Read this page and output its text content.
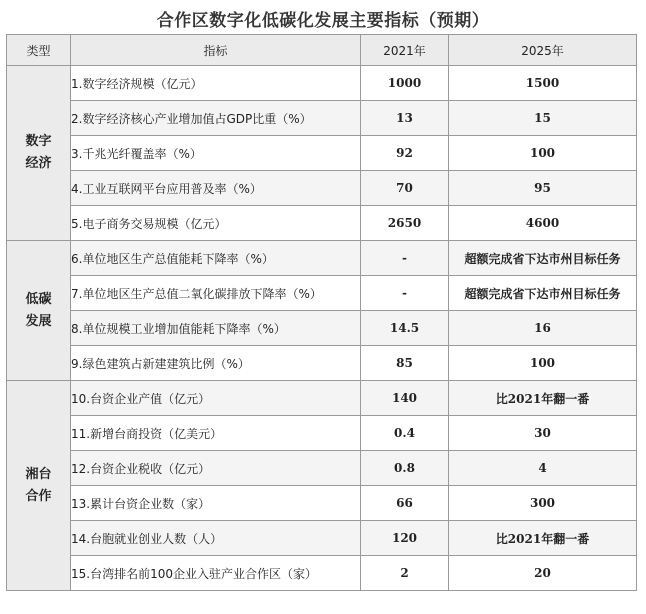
合作区数字化低碳化发展主要指标（预期）
类型	指标	2021年	2025年
数字
经济	1.数字经济规模（亿元）	1000	1500
	2.数字经济核心产业增加值占GDP比重（%）	13	15
	3.千兆光纤覆盖率（%）	92	100
	4.工业互联网平台应用普及率（%）	70	95
	5.电子商务交易规模（亿元）	2650	4600
低碳
发展	6.单位地区生产总值能耗下降率（%）	-	超额完成省下达市州目标任务
	7.单位地区生产总值二氧化碳排放下降率（%）	-	超额完成省下达市州目标任务
	8.单位规模工业增加值能耗下降率（%）	14.5	16
	9.绿色建筑占新建建筑比例（%）	85	100
湘台
合作	10.台资企业产值（亿元）	140	比2021年翻一番
	11.新增台商投资（亿美元）	0.4	30
	12.台资企业税收（亿元）	0.8	4
	13.累计台资企业数（家）	66	300
	14.台胞就业创业人数（人）	120	比2021年翻一番
	15.台湾排名前100企业入驻产业合作区（家）	2	20
